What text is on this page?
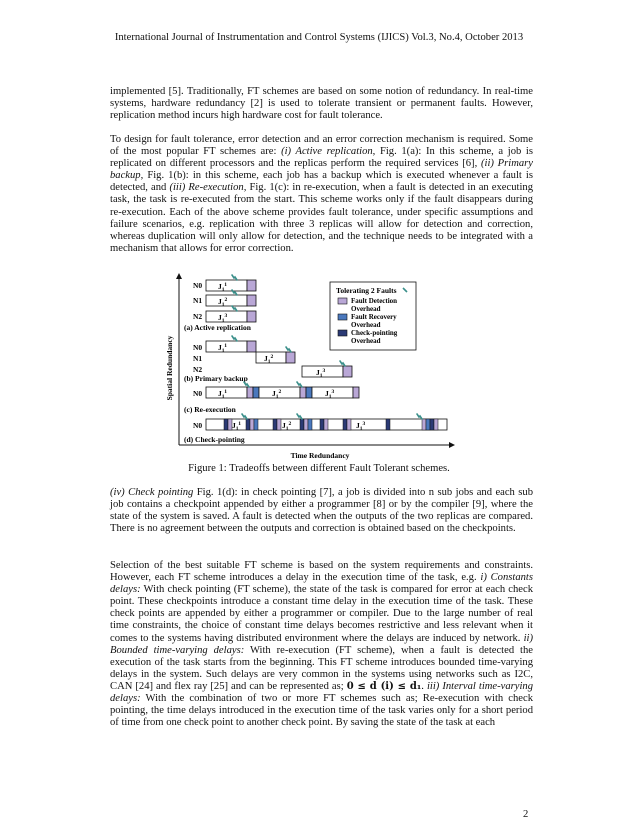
International Journal of Instrumentation and Control Systems (IJICS) Vol.3, No.4, October 2013

implemented [5]. Traditionally, FT schemes are based on some notion of redundancy. In real-time systems, hardware redundancy [2] is used to tolerate transient or permanent faults. However, replication method incurs high hardware cost for fault tolerance.

To design for fault tolerance, error detection and an error correction mechanism is required. Some of the most popular FT schemes are: (i) Active replication, Fig. 1(a): In this scheme, a job is replicated on different processors and the replicas perform the required services [6], (ii) Primary backup, Fig. 1(b): in this scheme, each job has a backup which is executed whenever a fault is detected, and (iii) Re-execution, Fig. 1(c): in re-execution, when a fault is detected in an executing task, the task is re-executed from the start. This scheme works only if the fault disappears during re-execution. Each of the above scheme provides fault tolerance, under specific assumptions and failure scenarios, e.g. replication with three 3 replicas will allow for detection and correction, whereas duplication will only allow for detection, and the technique needs to be integrated with a mechanism that allows for error correction.

Spatial Redundancy
Time Redundancy
(a) Active replication
(b) Primary backup
(c) Re-execution
(d) Check-pointing
N0
N1
N2
N0
N1
N2
N0
N0
$J_1^1$
$J_1^2$
$J_1^3$
$J_1^1$
$J_1^2$
$J_1^3$
$J_1^1$	$J_1^2$	$J_1^3$
$J_1^1$	$J_1^2$	$J_1^3$
Tolerating 2 Faults
Fault Detection
Overhead
Fault Recovery
Overhead
Check-pointing
Overhead
Figure 1: Tradeoffs between different Fault Tolerant schemes.

(iv) Check pointing Fig. 1(d): in check pointing [7], a job is divided into n sub jobs and each sub job contains a checkpoint appended by either a programmer [8] or by the compiler [9], where the state of the system is saved. A fault is detected when the outputs of the two replicas are compared. There is no agreement between the outputs and correction is obtained based on the checkpoints.

Selection of the best suitable FT scheme is based on the system requirements and constraints. However, each FT scheme introduces a delay in the execution time of the task, e.g. i) Constants delays: With check pointing (FT scheme), the state of the task is compared for error at each check point. These checkpoints introduce a constant time delay in the execution time of the task. These check points are appended by either a programmer or compiler. Due to the large number of real time constraints, the choice of constant time delays becomes restrictive and less relevant when it comes to the systems having distributed environment where the delays are induced by network. ii) Bounded time-varying delays: With re-execution (FT scheme), when a fault is detected the execution of the task starts from the beginning. This FT scheme introduces bounded time-varying delays in the system. Such delays are very common in the systems using networks such as I2C, CAN [24] and flex ray [25] and can be represented as; 0 ≤ d (i) ≤ d₁. iii) Interval time-varying delays: With the combination of two or more FT schemes such as; Re-execution with check pointing, the time delays introduced in the execution time of the task varies only for a short period of time from one check point to another check point. By saving the state of the task at each

2
